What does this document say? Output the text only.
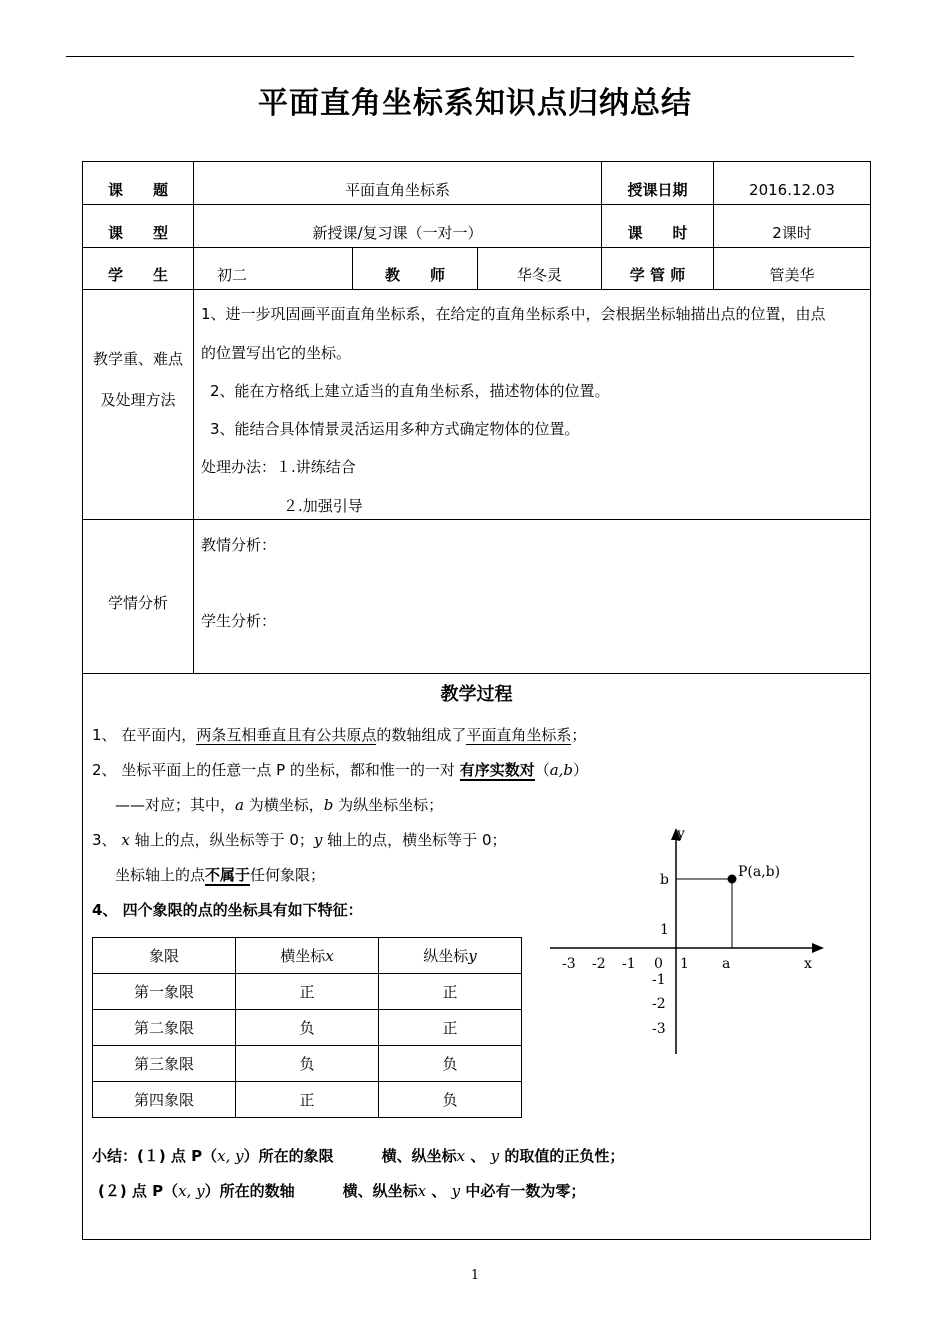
平面直角坐标系知识点归纳总结
课　　题	平面直角坐标系	授课日期	2016.12.03
课　　型	新授课/复习课（一对一）	课　　时	2课时
学　　生	初二	教　　师	华冬灵	学 管 师	管美华
教学重、难点
及处理方法
1、进一步巩固画平面直角坐标系，在给定的直角坐标系中，会根据坐标轴描出点的位置，由点
的位置写出它的坐标。
2、能在方格纸上建立适当的直角坐标系，描述物体的位置。
3、能结合具体情景灵活运用多种方式确定物体的位置。
处理办法：１.讲练结合
２.加强引导
学情分析
教情分析：
学生分析：
教学过程
1、 在平面内，两条互相垂直且有公共原点的数轴组成了平面直角坐标系；
2、 坐标平面上的任意一点 P 的坐标，都和惟一的一对 有序实数对（a,b）
——对应；其中，a 为横坐标，b 为纵坐标坐标；
3、 x 轴上的点，纵坐标等于 0；y 轴上的点，横坐标等于 0；
坐标轴上的点不属于任何象限；
4、 四个象限的点的坐标具有如下特征：
象限	横坐标x	纵坐标y
第一象限	正	正
第二象限	负	正
第三象限	负	负
第四象限	正	负
y
x
P(a,b)
b
a
1
0 1
-3 -2 -1
-1
-2
-3
小结：(１) 点 P（x, y）所在的象限	横、纵坐标x 、 y 的取值的正负性；
(２) 点 P（x, y）所在的数轴	横、纵坐标x 、 y 中必有一数为零；
1
